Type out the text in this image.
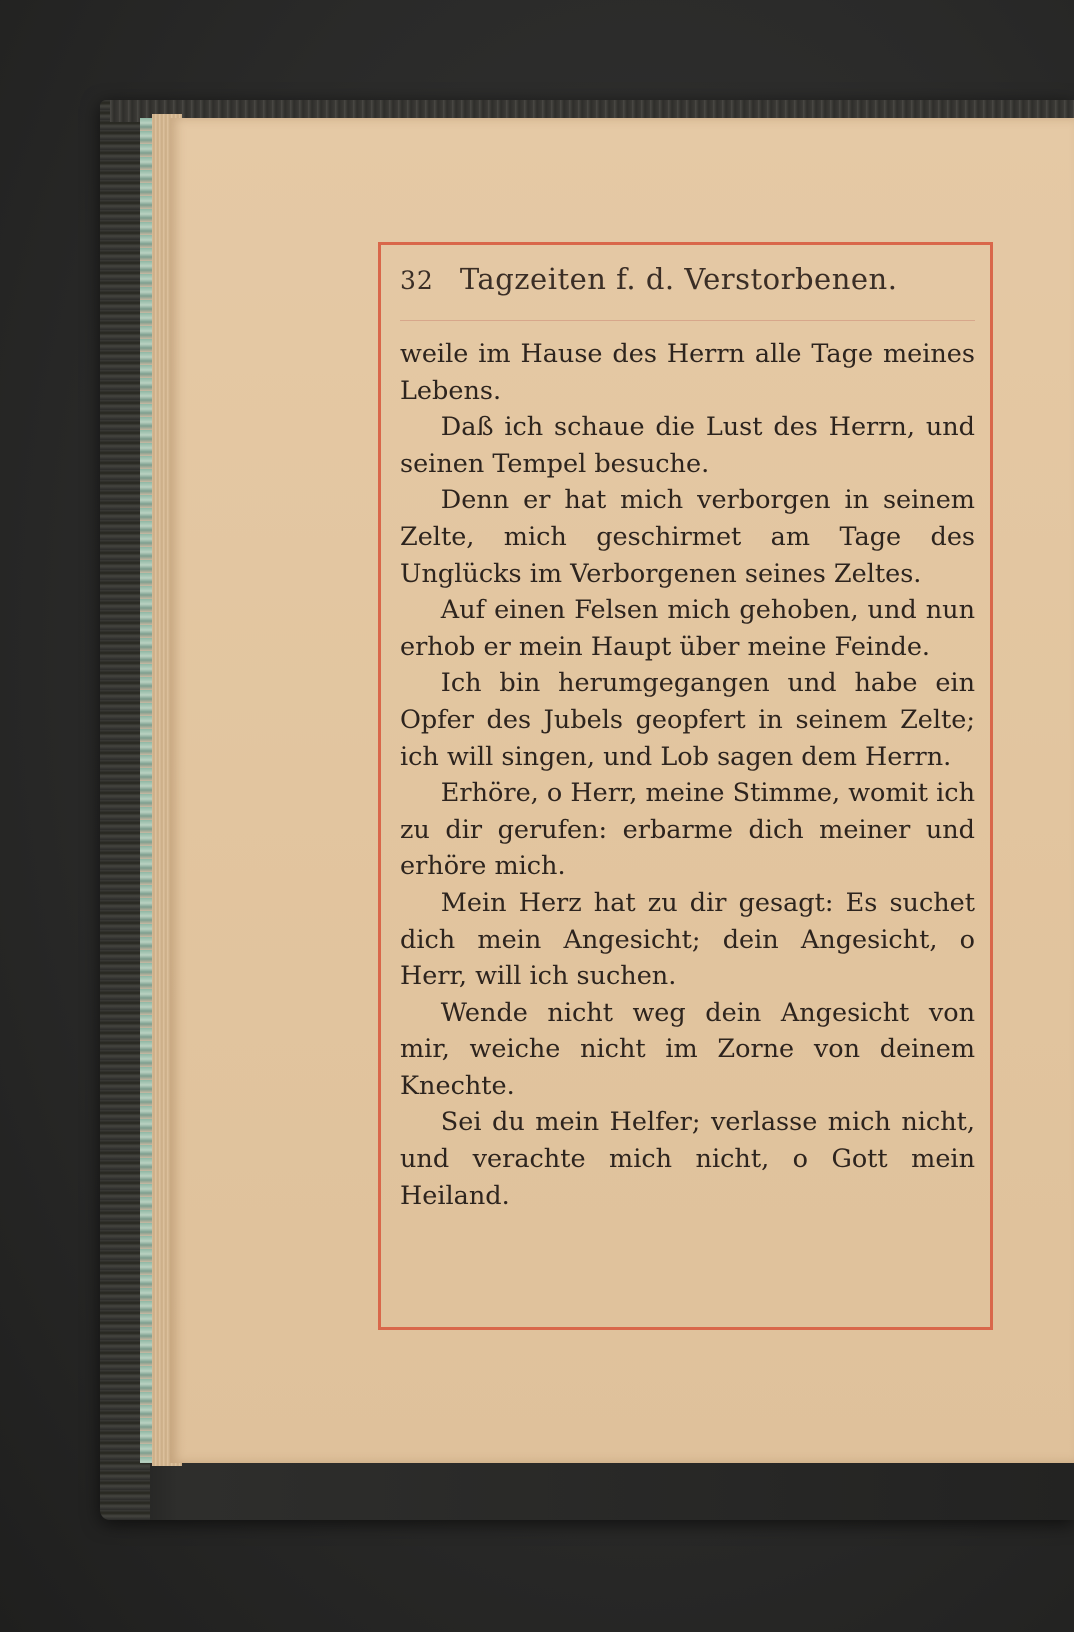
32 Tagzeiten f. d. Verstorbenen.

weile im Hause des Herrn alle Tage meines Lebens.

Daß ich schaue die Lust des Herrn, und seinen Tempel besuche.

Denn er hat mich verborgen in seinem Zelte, mich geschirmet am Tage des Unglücks im Verborgenen seines Zeltes.

Auf einen Felsen mich gehoben, und nun erhob er mein Haupt über meine Feinde.

Ich bin herumgegangen und habe ein Opfer des Jubels geopfert in seinem Zelte; ich will singen, und Lob sagen dem Herrn.

Erhöre, o Herr, meine Stimme, womit ich zu dir gerufen: erbarme dich meiner und erhöre mich.

Mein Herz hat zu dir gesagt: Es suchet dich mein Angesicht; dein Angesicht, o Herr, will ich suchen.

Wende nicht weg dein Angesicht von mir, weiche nicht im Zorne von deinem Knechte.

Sei du mein Helfer; verlasse mich nicht, und verachte mich nicht, o Gott mein Heiland.
